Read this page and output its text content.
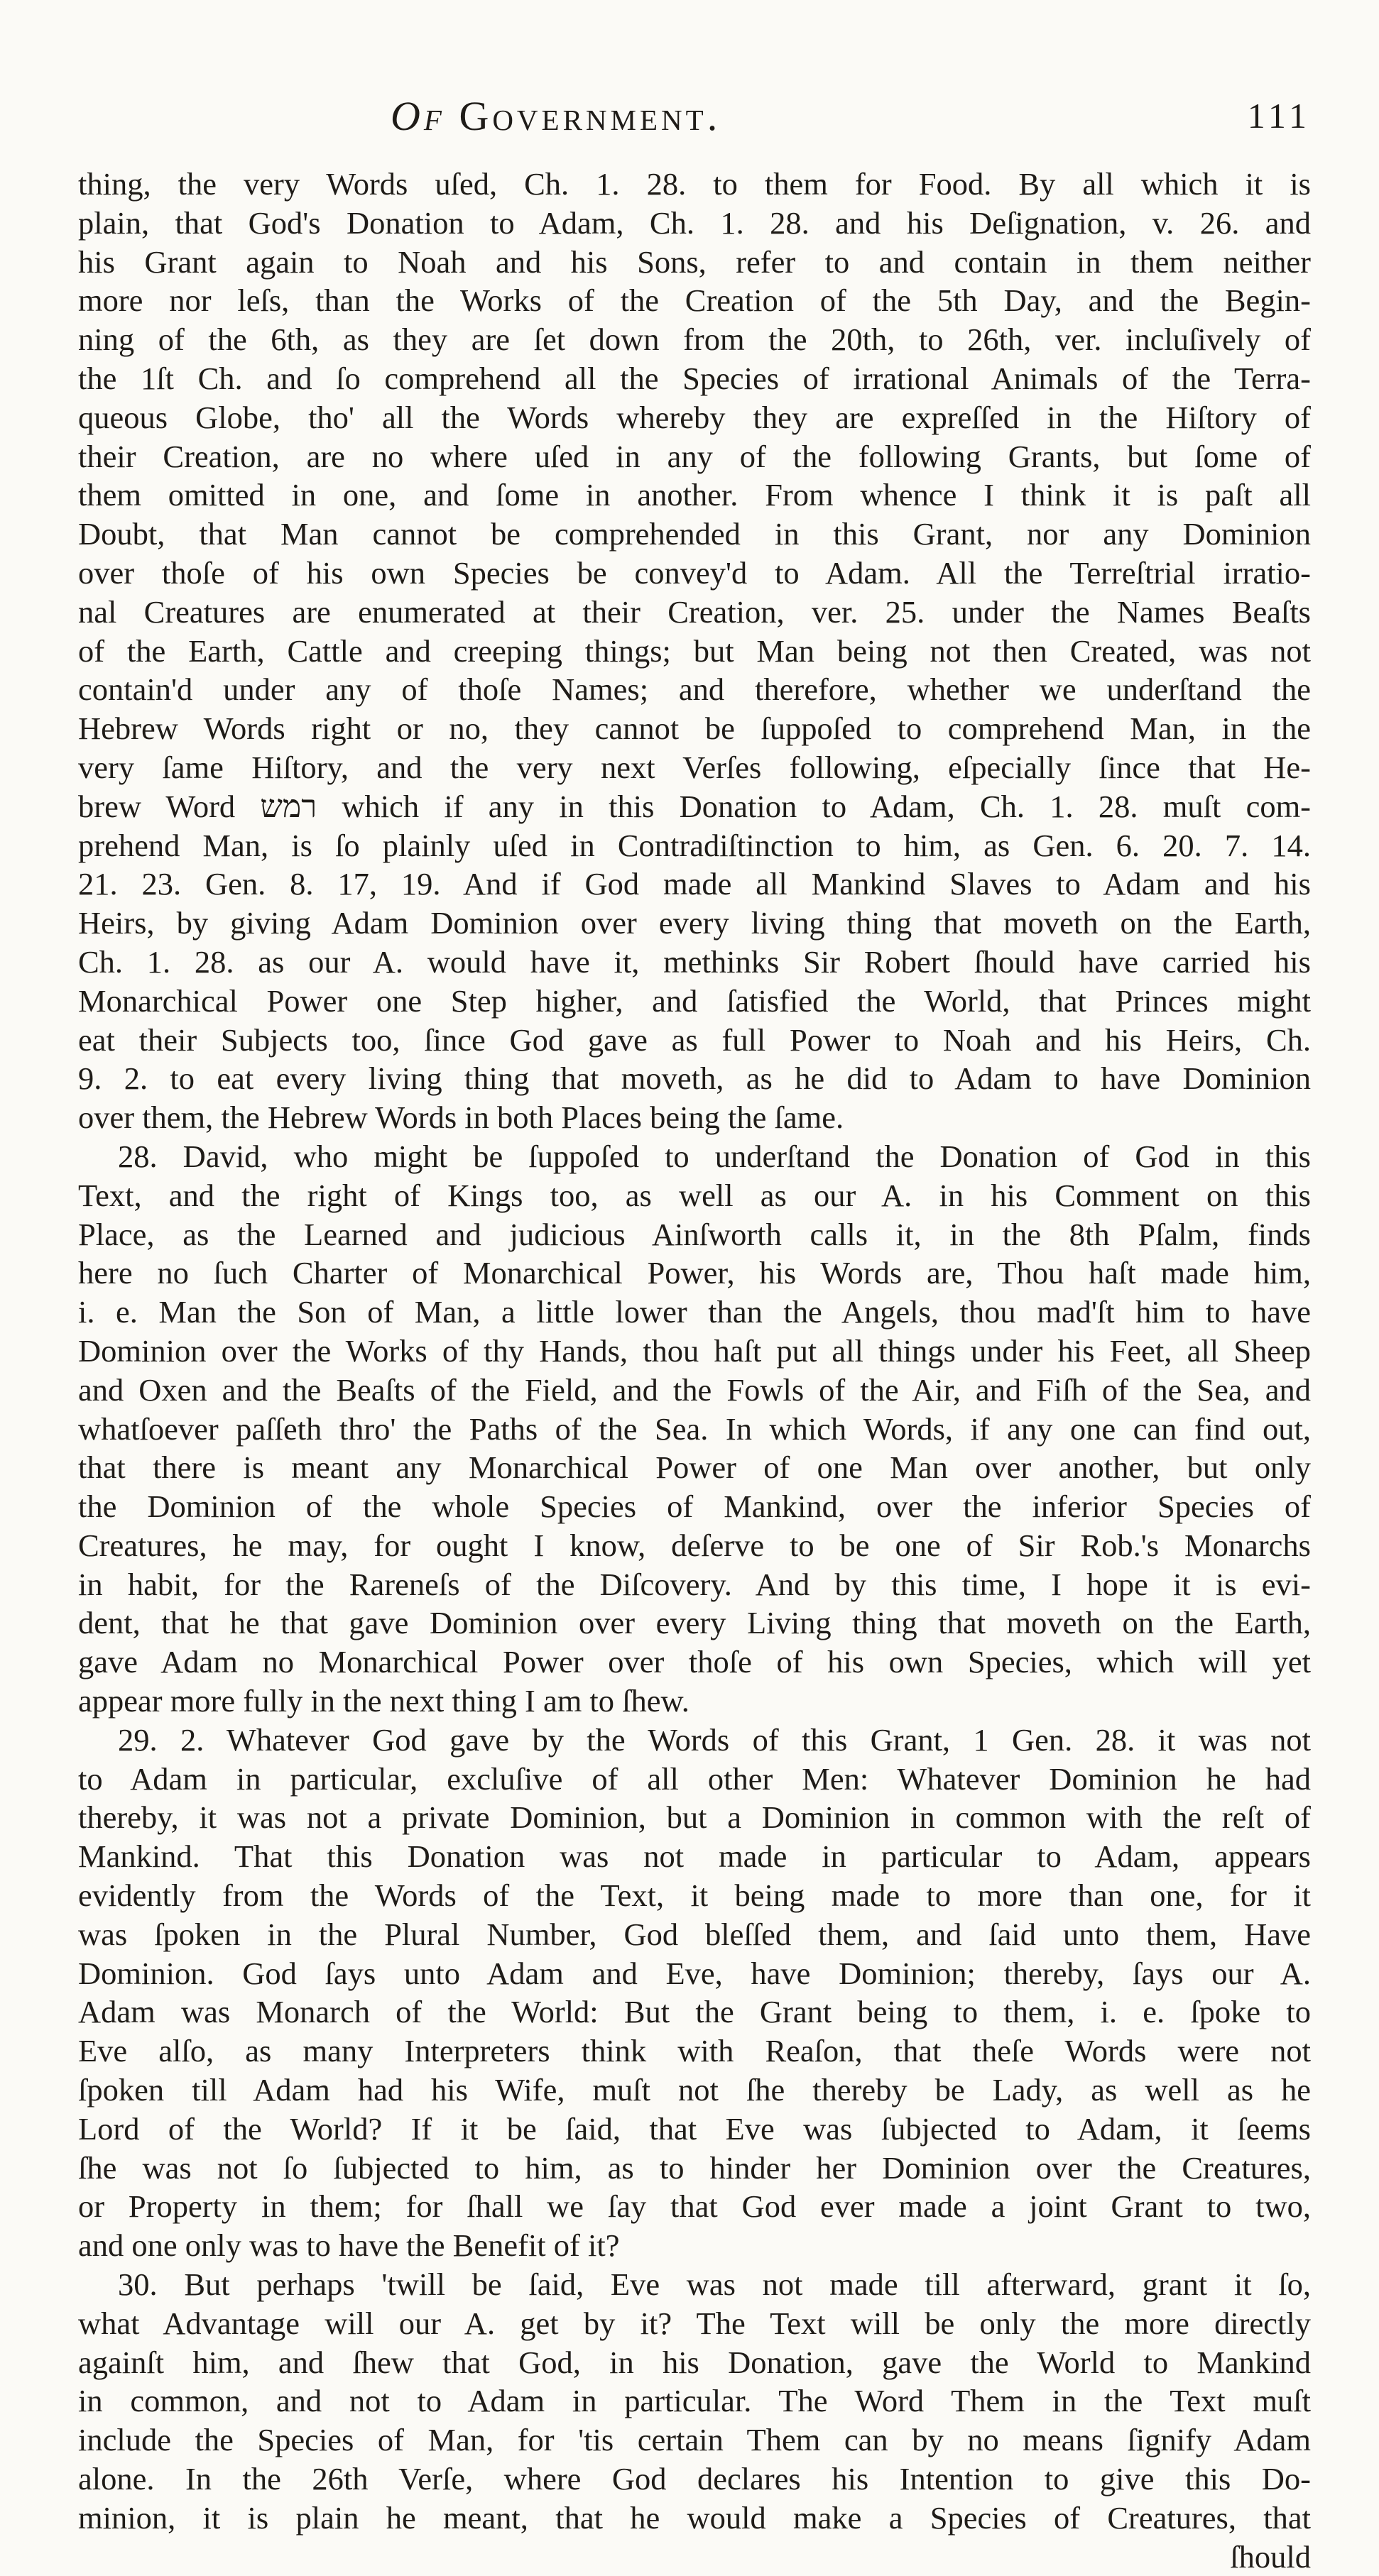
Of Government.	111
thing, the very Words uſed, Ch. 1. 28. to them for Food. By all which it is
plain, that God's Donation to Adam, Ch. 1. 28. and his Deſignation, v. 26. and
his Grant again to Noah and his Sons, refer to and contain in them neither
more nor leſs, than the Works of the Creation of the 5th Day, and the Begin-
ning of the 6th, as they are ſet down from the 20th, to 26th, ver. incluſively of
the 1ſt Ch. and ſo comprehend all the Species of irrational Animals of the Terra-
queous Globe, tho' all the Words whereby they are expreſſed in the Hiſtory of
their Creation, are no where uſed in any of the following Grants, but ſome of
them omitted in one, and ſome in another. From whence I think it is paſt all
Doubt, that Man cannot be comprehended in this Grant, nor any Dominion
over thoſe of his own Species be convey'd to Adam. All the Terreſtrial irratio-
nal Creatures are enumerated at their Creation, ver. 25. under the Names Beaſts
of the Earth, Cattle and creeping things; but Man being not then Created, was not
contain'd under any of thoſe Names; and therefore, whether we underſtand the
Hebrew Words right or no, they cannot be ſuppoſed to comprehend Man, in the
very ſame Hiſtory, and the very next Verſes following, eſpecially ſince that He-
brew Word רמש which if any in this Donation to Adam, Ch. 1. 28. muſt com-
prehend Man, is ſo plainly uſed in Contradiſtinction to him, as Gen. 6. 20. 7. 14.
21. 23. Gen. 8. 17, 19. And if God made all Mankind Slaves to Adam and his
Heirs, by giving Adam Dominion over every living thing that moveth on the Earth,
Ch. 1. 28. as our A. would have it, methinks Sir Robert ſhould have carried his
Monarchical Power one Step higher, and ſatisfied the World, that Princes might
eat their Subjects too, ſince God gave as full Power to Noah and his Heirs, Ch.
9. 2. to eat every living thing that moveth, as he did to Adam to have Dominion
over them, the Hebrew Words in both Places being the ſame.
28. David, who might be ſuppoſed to underſtand the Donation of God in this
Text, and the right of Kings too, as well as our A. in his Comment on this
Place, as the Learned and judicious Ainſworth calls it, in the 8th Pſalm, finds
here no ſuch Charter of Monarchical Power, his Words are, Thou haſt made him,
i. e. Man the Son of Man, a little lower than the Angels, thou mad'ſt him to have
Dominion over the Works of thy Hands, thou haſt put all things under his Feet, all Sheep
and Oxen and the Beaſts of the Field, and the Fowls of the Air, and Fiſh of the Sea, and
whatſoever paſſeth thro' the Paths of the Sea. In which Words, if any one can find out,
that there is meant any Monarchical Power of one Man over another, but only
the Dominion of the whole Species of Mankind, over the inferior Species of
Creatures, he may, for ought I know, deſerve to be one of Sir Rob.'s Monarchs
in habit, for the Rareneſs of the Diſcovery. And by this time, I hope it is evi-
dent, that he that gave Dominion over every Living thing that moveth on the Earth,
gave Adam no Monarchical Power over thoſe of his own Species, which will yet
appear more fully in the next thing I am to ſhew.
29. 2. Whatever God gave by the Words of this Grant, 1 Gen. 28. it was not
to Adam in particular, excluſive of all other Men: Whatever Dominion he had
thereby, it was not a private Dominion, but a Dominion in common with the reſt of
Mankind. That this Donation was not made in particular to Adam, appears
evidently from the Words of the Text, it being made to more than one, for it
was ſpoken in the Plural Number, God bleſſed them, and ſaid unto them, Have
Dominion. God ſays unto Adam and Eve, have Dominion; thereby, ſays our A.
Adam was Monarch of the World: But the Grant being to them, i. e. ſpoke to
Eve alſo, as many Interpreters think with Reaſon, that theſe Words were not
ſpoken till Adam had his Wife, muſt not ſhe thereby be Lady, as well as he
Lord of the World? If it be ſaid, that Eve was ſubjected to Adam, it ſeems
ſhe was not ſo ſubjected to him, as to hinder her Dominion over the Creatures,
or Property in them; for ſhall we ſay that God ever made a joint Grant to two,
and one only was to have the Benefit of it?
30. But perhaps 'twill be ſaid, Eve was not made till afterward, grant it ſo,
what Advantage will our A. get by it? The Text will be only the more directly
againſt him, and ſhew that God, in his Donation, gave the World to Mankind
in common, and not to Adam in particular. The Word Them in the Text muſt
include the Species of Man, for 'tis certain Them can by no means ſignify Adam
alone. In the 26th Verſe, where God declares his Intention to give this Do-
minion, it is plain he meant, that he would make a Species of Creatures, that
ſhould
